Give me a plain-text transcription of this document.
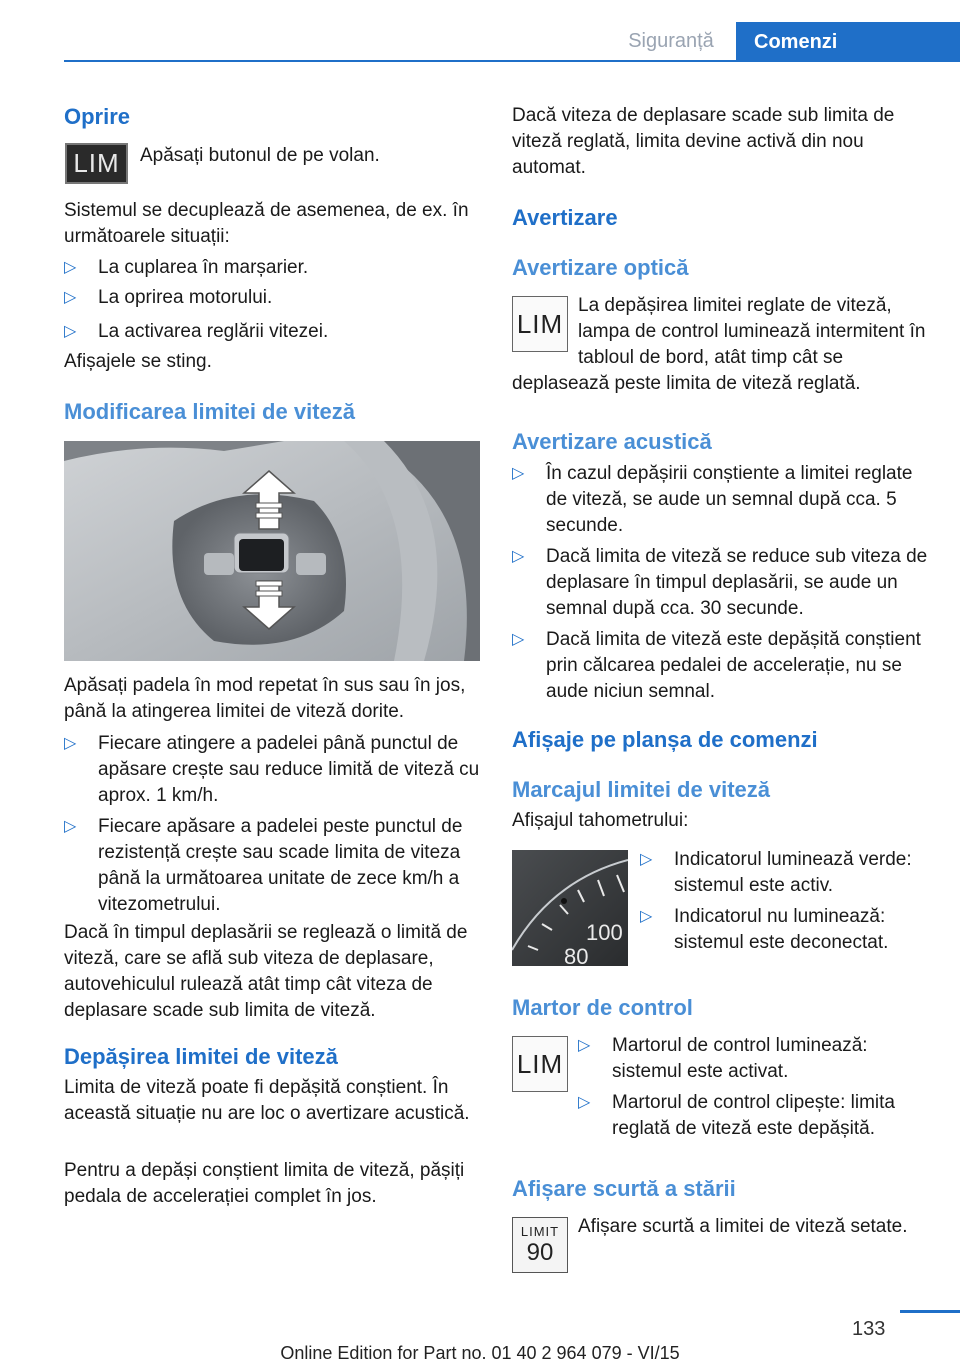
Siguranță	Comenzi
Oprire
LIM	Apăsați butonul de pe volan.

Sistemul se decuplează de asemenea, de ex. în următoarele situații:

▷	La cuplarea în marșarier.
▷	La oprirea motorului.
▷	La activarea reglării vitezei.

Afișajele se sting.

Modificarea limitei de viteză

Apăsați padela în mod repetat în sus sau în jos, până la atingerea limitei de viteză dorite.

▷	Fiecare atingere a padelei până punctul de apăsare crește sau reduce limită de viteză cu aprox. 1 km/h.
▷	Fiecare apăsare a padelei peste punctul de rezistență crește sau scade limita de viteza până la următoarea unitate de zece km/h a vitezometrului.

Dacă în timpul deplasării se reglează o limită de viteză, care se află sub viteza de deplasare, autovehiculul rulează atât timp cât viteza de deplasare scade sub limita de viteză.

Depășirea limitei de viteză

Limita de viteză poate fi depășită conștient. În această situație nu are loc o avertizare acustică.

Pentru a depăși conștient limita de viteză, pășiți pedala de accelerației complet în jos.

Dacă viteza de deplasare scade sub limita de viteză reglată, limita devine activă din nou automat.

Avertizare
Avertizare optică
LIM

La depășirea limitei reglate de viteză, lampa de control luminează intermitent în tabloul de bord, atât timp cât se deplasează peste limita de viteză reglată.
Avertizare acustică
▷	În cazul depășirii conștiente a limitei reglate de viteză, se aude un semnal după cca. 5 secunde.
▷	Dacă limita de viteză se reduce sub viteza de deplasare în timpul deplasării, se aude un semnal după cca. 30 secunde.
▷	Dacă limita de viteză este depășită conștient prin călcarea pedalei de accelerație, nu se aude niciun semnal.
Afișaje pe planșa de comenzi
Marcajul limitei de viteză

Afișajul tahometrului:

100
80
▷	Indicatorul luminează verde: sistemul este activ.
▷	Indicatorul nu luminează: sistemul este deconectat.
Martor de control
LIM
▷	Martorul de control luminează: sistemul este activat.
▷	Martorul de control clipește: limita reglată de viteză este depășită.
Afișare scurtă a stării
LIMIT
90

Afișare scurtă a limitei de viteză setate.

133
Online Edition for Part no. 01 40 2 964 079 - VI/15
